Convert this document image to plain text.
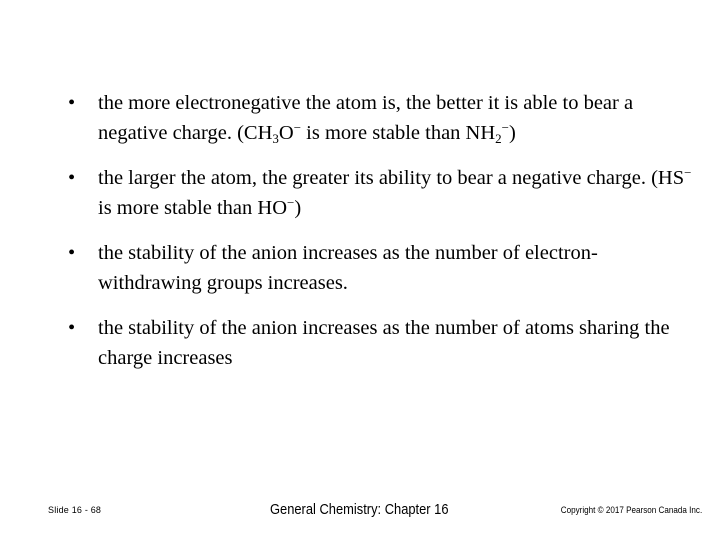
•	the more electronegative the atom is, the better it is able to bear a negative charge. ($CH_3O^-$ is more stable than $NH_2^-$)
•	the larger the atom, the greater its ability to bear a negative charge. (HS− is more stable than HO−)
•	the stability of the anion increases as the number of electron-withdrawing groups increases.
•	the stability of the anion increases as the number of atoms sharing the charge increases
Slide 16 - 68	General Chemistry: Chapter 16	Copyright © 2017 Pearson Canada Inc.
